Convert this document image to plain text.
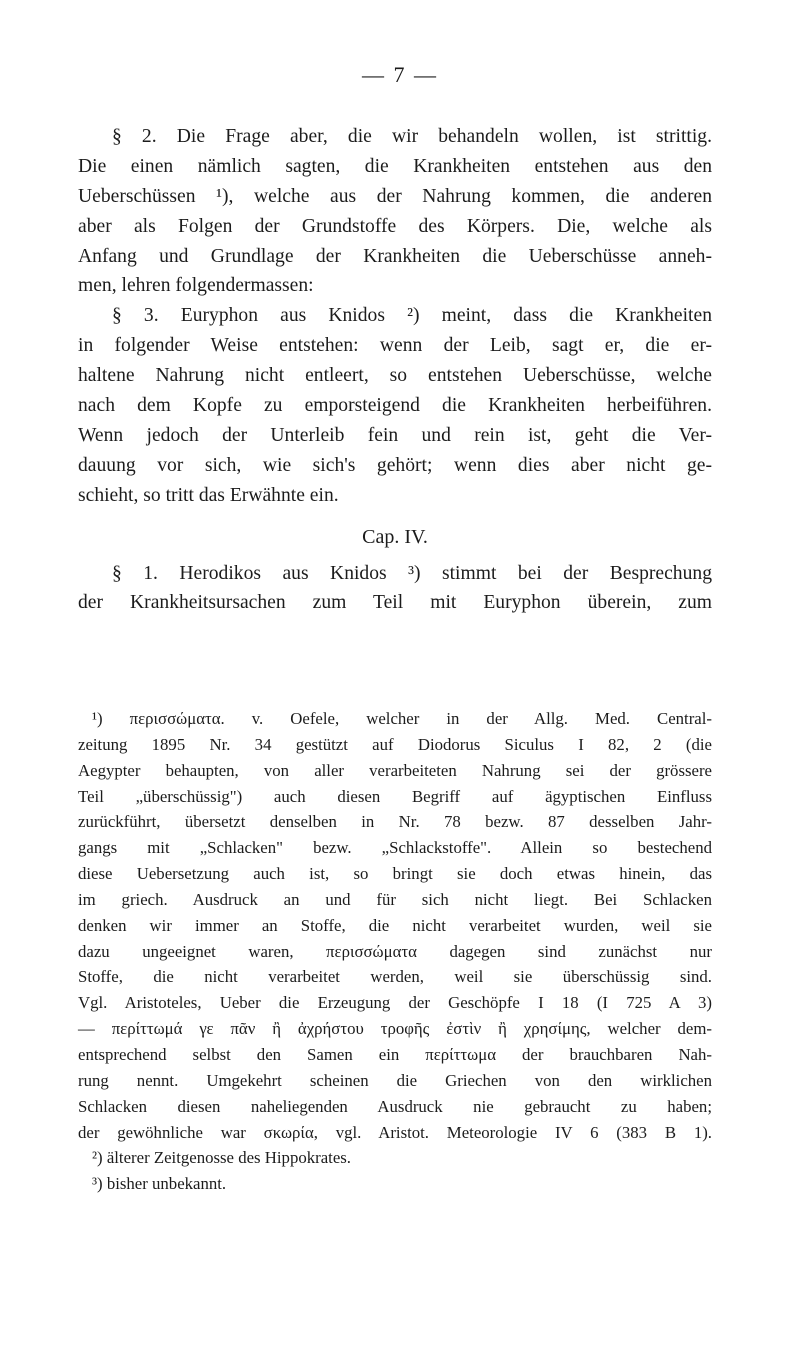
— 7 —
§ 2. Die Frage aber, die wir behandeln wollen, ist strittig.
Die einen nämlich sagten, die Krankheiten entstehen aus den
Ueberschüssen ¹), welche aus der Nahrung kommen, die anderen
aber als Folgen der Grundstoffe des Körpers. Die, welche als
Anfang und Grundlage der Krankheiten die Ueberschüsse anneh-
men, lehren folgendermassen:
§ 3. Euryphon aus Knidos ²) meint, dass die Krankheiten
in folgender Weise entstehen: wenn der Leib, sagt er, die er-
haltene Nahrung nicht entleert, so entstehen Ueberschüsse, welche
nach dem Kopfe zu emporsteigend die Krankheiten herbeiführen.
Wenn jedoch der Unterleib fein und rein ist, geht die Ver-
dauung vor sich, wie sich's gehört; wenn dies aber nicht ge-
schieht, so tritt das Erwähnte ein.
Cap. IV.
§ 1. Herodikos aus Knidos ³) stimmt bei der Besprechung
der Krankheitsursachen zum Teil mit Euryphon überein, zum
¹) περισσώματα. v. Oefele, welcher in der Allg. Med. Central-
zeitung 1895 Nr. 34 gestützt auf Diodorus Siculus I 82, 2 (die
Aegypter behaupten, von aller verarbeiteten Nahrung sei der grössere
Teil „überschüssig") auch diesen Begriff auf ägyptischen Einfluss
zurückführt, übersetzt denselben in Nr. 78 bezw. 87 desselben Jahr-
gangs mit „Schlacken" bezw. „Schlackstoffe". Allein so bestechend
diese Uebersetzung auch ist, so bringt sie doch etwas hinein, das
im griech. Ausdruck an und für sich nicht liegt. Bei Schlacken
denken wir immer an Stoffe, die nicht verarbeitet wurden, weil sie
dazu ungeeignet waren, περισσώματα dagegen sind zunächst nur
Stoffe, die nicht verarbeitet werden, weil sie überschüssig sind.
Vgl. Aristoteles, Ueber die Erzeugung der Geschöpfe I 18 (I 725 A 3)
— περίττωμά γε πᾶν ἢ ἀχρήστου τροφῆς ἐστὶν ἢ χρησίμης, welcher dem-
entsprechend selbst den Samen ein περίττωμα der brauchbaren Nah-
rung nennt. Umgekehrt scheinen die Griechen von den wirklichen
Schlacken diesen naheliegenden Ausdruck nie gebraucht zu haben;
der gewöhnliche war σκωρία, vgl. Aristot. Meteorologie IV 6 (383 B 1).
²) älterer Zeitgenosse des Hippokrates.
³) bisher unbekannt.
